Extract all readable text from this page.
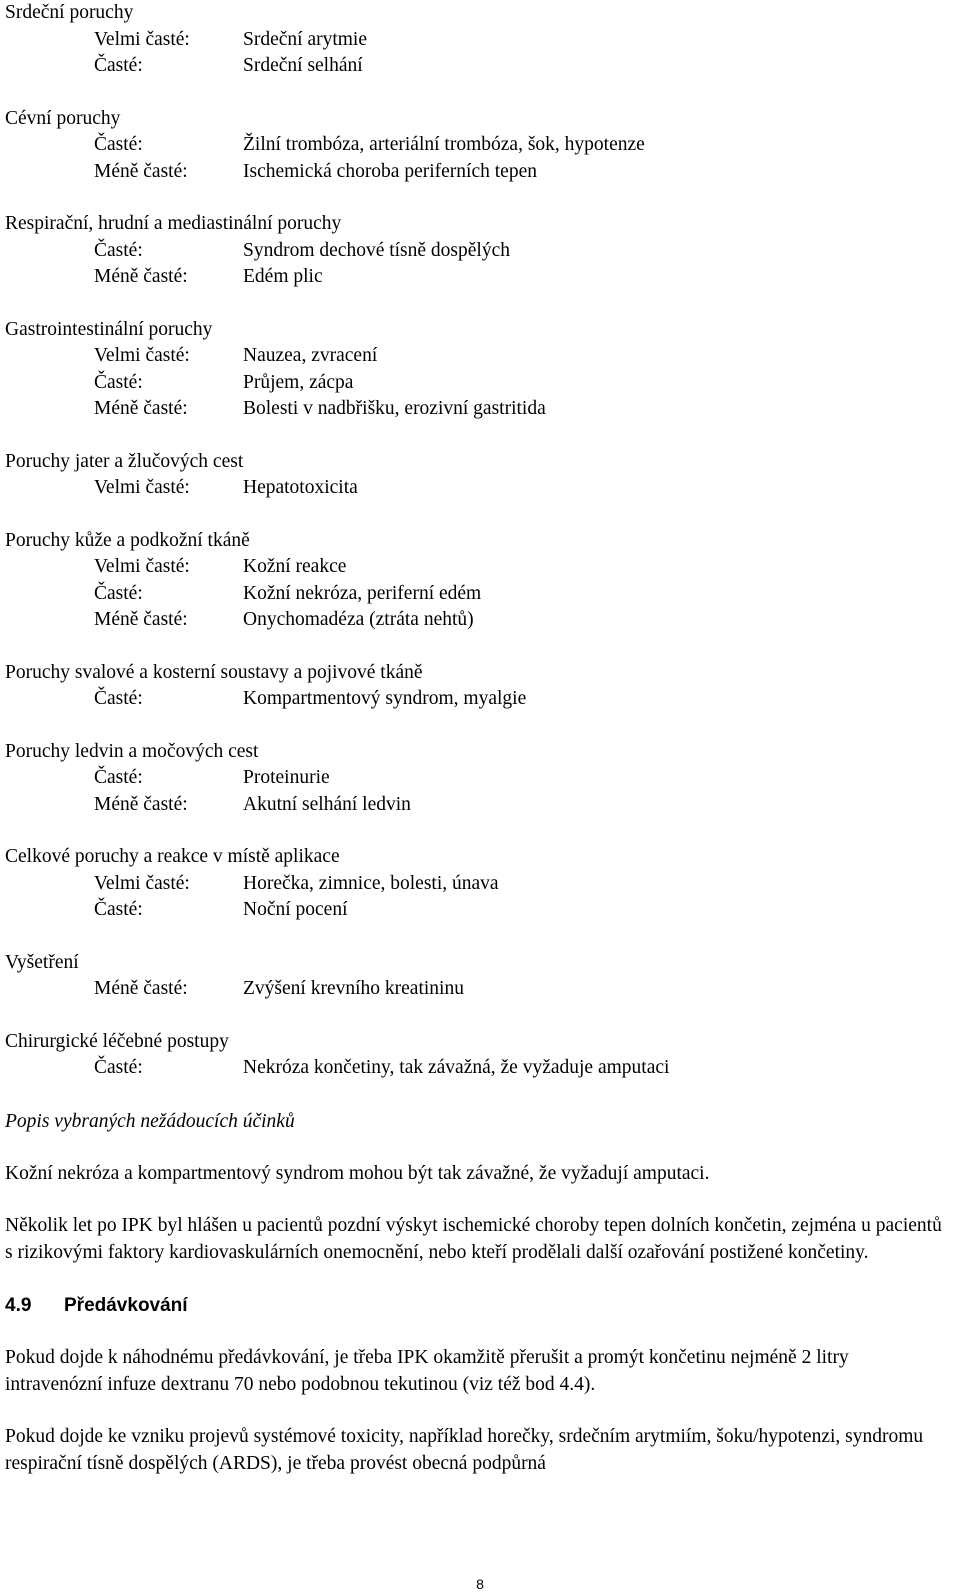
Srdeční poruchy
Velmi časté:	Srdeční arytmie
Časté:	Srdeční selhání
Cévní poruchy
Časté:	Žilní trombóza, arteriální trombóza, šok, hypotenze
Méně časté:	Ischemická choroba periferních tepen
Respirační, hrudní a mediastinální poruchy
Časté:	Syndrom dechové tísně dospělých
Méně časté:	Edém plic
Gastrointestinální poruchy
Velmi časté:	Nauzea, zvracení
Časté:	Průjem, zácpa
Méně časté:	Bolesti v nadbřišku, erozivní gastritida
Poruchy jater a žlučových cest
Velmi časté:	Hepatotoxicita
Poruchy kůže a podkožní tkáně
Velmi časté:	Kožní reakce
Časté:	Kožní nekróza, periferní edém
Méně časté:	Onychomadéza (ztráta nehtů)
Poruchy svalové a kosterní soustavy a pojivové tkáně
Časté:	Kompartmentový syndrom, myalgie
Poruchy ledvin a močových cest
Časté:	Proteinurie
Méně časté:	Akutní selhání ledvin
Celkové poruchy a reakce v místě aplikace
Velmi časté:	Horečka, zimnice, bolesti, únava
Časté:	Noční pocení
Vyšetření
Méně časté:	Zvýšení krevního kreatininu
Chirurgické léčebné postupy
Časté:	Nekróza končetiny, tak závažná, že vyžaduje amputaci
Popis vybraných nežádoucích účinků

Kožní nekróza a kompartmentový syndrom mohou být tak závažné, že vyžadují amputaci.

Několik let po IPK byl hlášen u pacientů pozdní výskyt ischemické choroby tepen dolních končetin, zejména u pacientů s rizikovými faktory kardiovaskulárních onemocnění, nebo kteří prodělali další ozařování postižené končetiny.

4.9 Předávkování

Pokud dojde k náhodnému předávkování, je třeba IPK okamžitě přerušit a promýt končetinu nejméně 2 litry intravenózní infuze dextranu 70 nebo podobnou tekutinou (viz též bod 4.4).

Pokud dojde ke vzniku projevů systémové toxicity, například horečky, srdečním arytmiím, šoku/hypotenzi, syndromu respirační tísně dospělých (ARDS), je třeba provést obecná podpůrná

8
